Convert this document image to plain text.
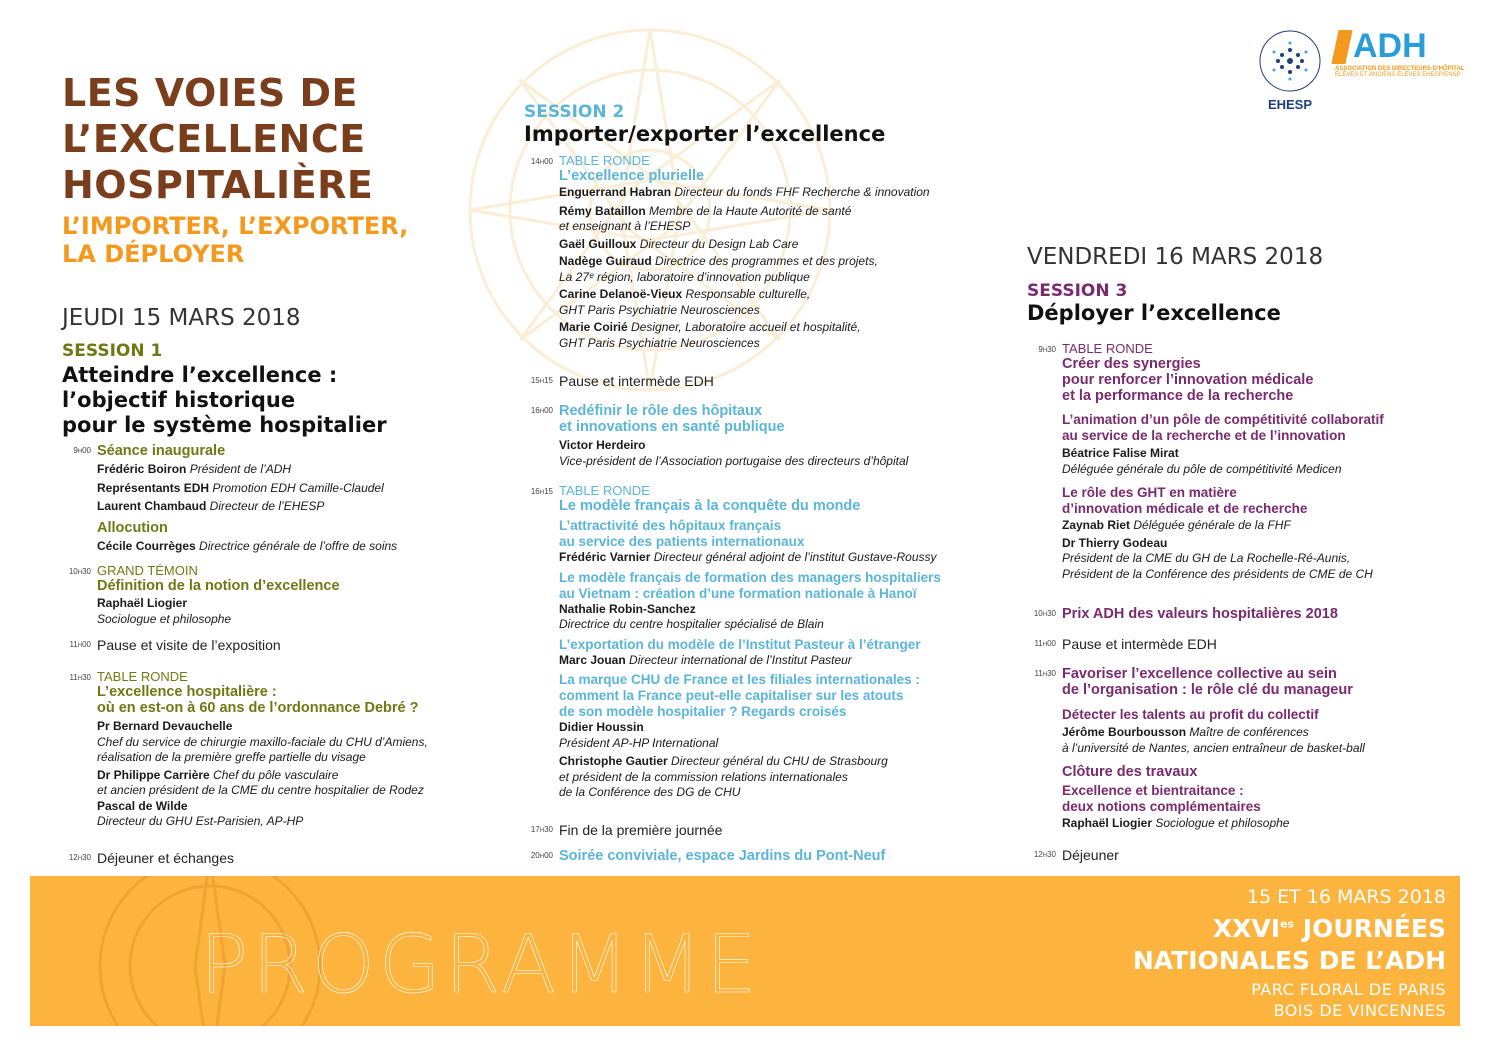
LES VOIES DE
L’EXCELLENCE
HOSPITALIÈRE
L’IMPORTER, L’EXPORTER,
LA DÉPLOYER
EHESP
ADH
ASSOCIATION DES DIRECTEURS D’HÔPITAL
ÉLÈVES ET ANCIENS ÉLÈVES EHESP/ENSP
JEUDI 15 MARS 2018
SESSION 1
Atteindre l’excellence :
l’objectif historique
pour le système hospitalier
9h00 Séance inaugurale
Frédéric Boiron Président de l’ADH
Représentants EDH Promotion EDH Camille-Claudel
Laurent Chambaud Directeur de l’EHESP
Allocution
Cécile Courrèges Directrice générale de l’offre de soins
10h30 GRAND TÉMOIN
Définition de la notion d’excellence
Raphaël Liogier
Sociologue et philosophe
11h00 Pause et visite de l’exposition
11h30 TABLE RONDE
L’excellence hospitalière :
où en est-on à 60 ans de l’ordonnance Debré ?
Pr Bernard Devauchelle
Chef du service de chirurgie maxillo-faciale du CHU d’Amiens,
réalisation de la première greffe partielle du visage
Dr Philippe Carrière Chef du pôle vasculaire
et ancien président de la CME du centre hospitalier de Rodez
Pascal de Wilde
Directeur du GHU Est-Parisien, AP-HP
12h30 Déjeuner et échanges
SESSION 2
Importer/exporter l’excellence
14h00 TABLE RONDE
L’excellence plurielle
Enguerrand Habran Directeur du fonds FHF Recherche & innovation
Rémy Bataillon Membre de la Haute Autorité de santé
et enseignant à l’EHESP
Gaël Guilloux Directeur du Design Lab Care
Nadège Guiraud Directrice des programmes et des projets,
La 27ᵉ région, laboratoire d’innovation publique
Carine Delanoë-Vieux Responsable culturelle,
GHT Paris Psychiatrie Neurosciences
Marie Coirié Designer, Laboratoire accueil et hospitalité,
GHT Paris Psychiatrie Neurosciences
15h15 Pause et intermède EDH
16h00 Redéfinir le rôle des hôpitaux
et innovations en santé publique
Victor Herdeiro
Vice-président de l’Association portugaise des directeurs d’hôpital
16h15 TABLE RONDE
Le modèle français à la conquête du monde
L’attractivité des hôpitaux français
au service des patients internationaux
Frédéric Varnier Directeur général adjoint de l’institut Gustave-Roussy
Le modèle français de formation des managers hospitaliers
au Vietnam : création d’une formation nationale à Hanoï
Nathalie Robin-Sanchez
Directrice du centre hospitalier spécialisé de Blain
L’exportation du modèle de l’Institut Pasteur à l’étranger
Marc Jouan Directeur international de l’Institut Pasteur
La marque CHU de France et les filiales internationales :
comment la France peut-elle capitaliser sur les atouts
de son modèle hospitalier ? Regards croisés
Didier Houssin
Président AP-HP International
Christophe Gautier Directeur général du CHU de Strasbourg
et président de la commission relations internationales
de la Conférence des DG de CHU
17h30 Fin de la première journée
20h00 Soirée conviviale, espace Jardins du Pont-Neuf
VENDREDI 16 MARS 2018
SESSION 3
Déployer l’excellence
9h30 TABLE RONDE
Créer des synergies
pour renforcer l’innovation médicale
et la performance de la recherche
L’animation d’un pôle de compétitivité collaboratif
au service de la recherche et de l’innovation
Béatrice Falise Mirat
Déléguée générale du pôle de compétitivité Medicen
Le rôle des GHT en matière
d’innovation médicale et de recherche
Zaynab Riet Déléguée générale de la FHF
Dr Thierry Godeau
Président de la CME du GH de La Rochelle-Ré-Aunis,
Président de la Conférence des présidents de CME de CH
10h30 Prix ADH des valeurs hospitalières 2018
11h00 Pause et intermède EDH
11h30 Favoriser l’excellence collective au sein
de l’organisation : le rôle clé du manageur
Détecter les talents au profit du collectif
Jérôme Bourbousson Maître de conférences
à l’université de Nantes, ancien entraîneur de basket-ball
Clôture des travaux
Excellence et bientraitance :
deux notions complémentaires
Raphaël Liogier Sociologue et philosophe
12h30 Déjeuner
PROGRAMME
15 ET 16 MARS 2018
$XXVI^{es}$ JOURNÉES
NATIONALES DE L’ADH
PARC FLORAL DE PARIS
BOIS DE VINCENNES
